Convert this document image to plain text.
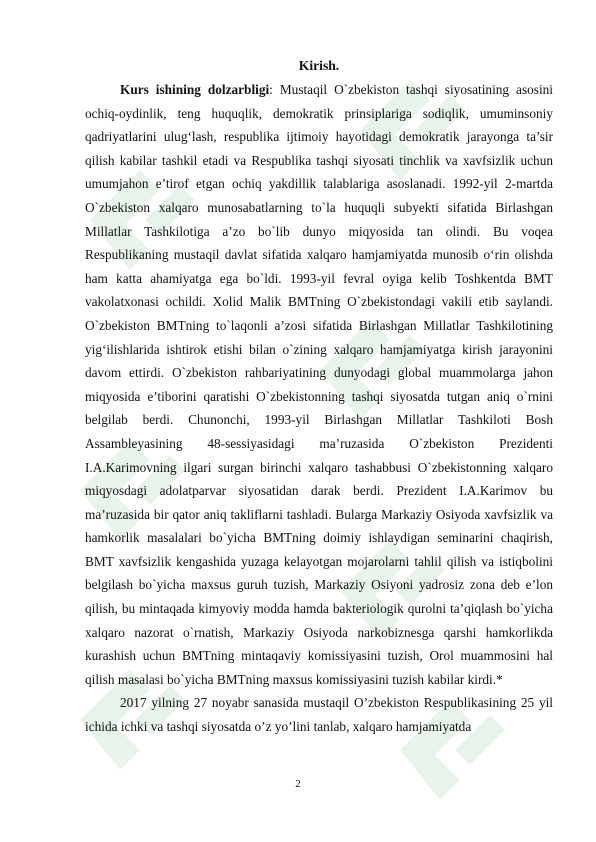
Kirish.

Kurs ishining dolzarbligi: Mustaqil O`zbekiston tashqi siyosatining asosini ochiq-oydinlik, teng huquqlik, demokratik prinsiplariga sodiqlik, umuminsoniy qadriyatlarini ulug‘lash, respublika ijtimoiy hayotidagi demokratik jarayonga ta’sir qilish kabilar tashkil etadi va Respublika tashqi siyosati tinchlik va xavfsizlik uchun umumjahon e’tirof etgan ochiq yakdillik talablariga asoslanadi. 1992-yil 2-martda O`zbekiston xalqaro munosabatlarning to`la huquqli subyekti sifatida Birlashgan Millatlar Tashkilotiga a’zo bo`lib dunyo miqyosida tan olindi. Bu voqea Respublikaning mustaqil davlat sifatida xalqaro hamjamiyatda munosib o‘rin olishda ham katta ahamiyatga ega bo`ldi. 1993-yil fevral oyiga kelib Toshkentda BMT vakolatxonasi ochildi. Xolid Malik BMTning O`zbekistondagi vakili etib saylandi. O`zbekiston BMTning to`laqonli a’zosi sifatida Birlashgan Millatlar Tashkilotining yig‘ilishlarida ishtirok etishi bilan o`zining xalqaro hamjamiyatga kirish jarayonini davom ettirdi. O`zbekiston rahbariyatining dunyodagi global muammolarga jahon miqyosida e’tiborini qaratishi O`zbekistonning tashqi siyosatda tutgan aniq o`rnini belgilab berdi. Chunonchi, 1993-yil Birlashgan Millatlar Tashkiloti Bosh Assambleyasining 48-sessiyasidagi ma’ruzasida O`zbekiston Prezidenti I.A.Karimovning ilgari surgan birinchi xalqaro tashabbusi O`zbekistonning xalqaro miqyosdagi adolatparvar siyosatidan darak berdi. Prezident I.A.Karimov bu ma’ruzasida bir qator aniq takliflarni tashladi. Bularga Markaziy Osiyoda xavfsizlik va hamkorlik masalalari bo`yicha BMTning doimiy ishlaydigan seminarini chaqirish, BMT xavfsizlik kengashida yuzaga kelayotgan mojarolarni tahlil qilish va istiqbolini belgilash bo`yicha maxsus guruh tuzish, Markaziy Osiyoni yadrosiz zona deb e’lon qilish, bu mintaqada kimyoviy modda hamda bakteriologik qurolni ta’qiqlash bo`yicha xalqaro nazorat o`rnatish, Markaziy Osiyoda narkobiznesga qarshi hamkorlikda kurashish uchun BMTning mintaqaviy komissiyasini tuzish, Orol muammosini hal qilish masalasi bo`yicha BMTning maxsus komissiyasini tuzish kabilar kirdi.*

2017 yilning 27 noyabr sanasida mustaqil O’zbekiston Respublikasining 25 yil ichida ichki va tashqi siyosatda o’z yo’lini tanlab, xalqaro hamjamiyatda

2
